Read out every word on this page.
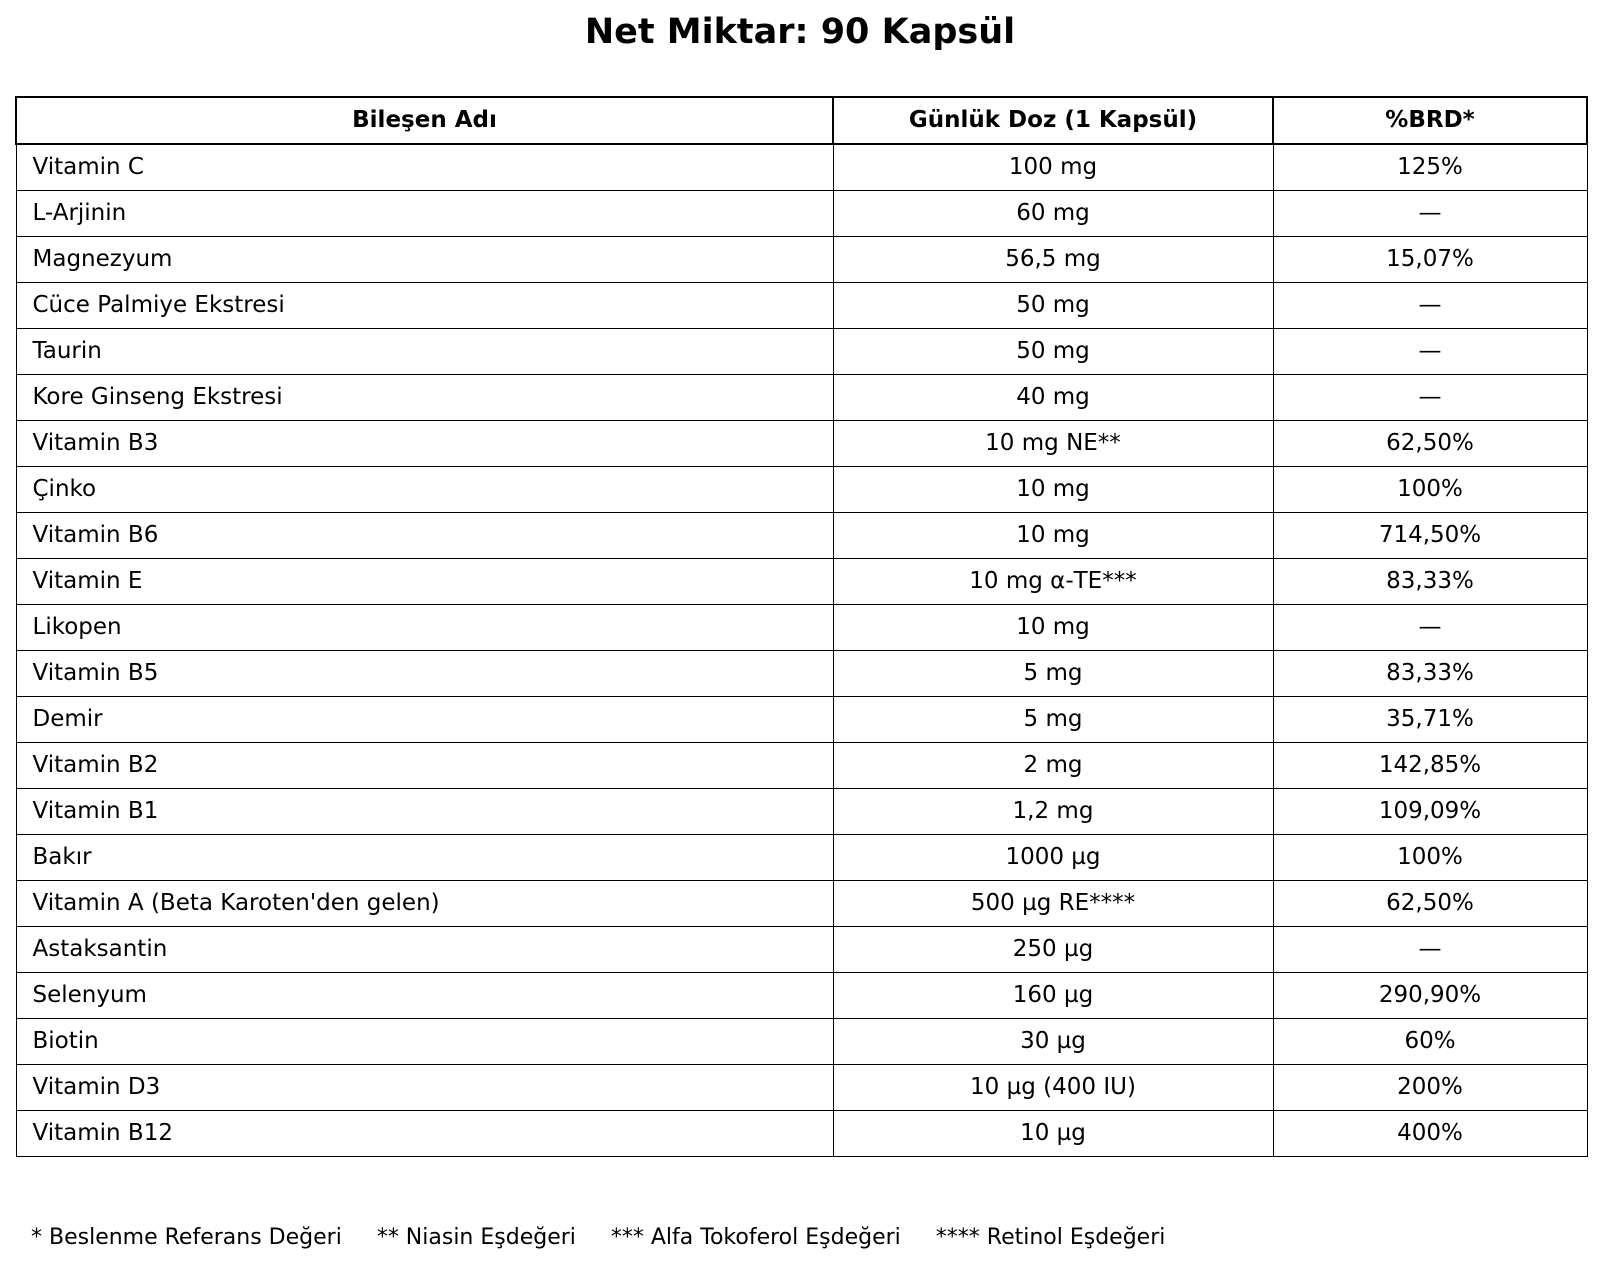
Net Miktar: 90 Kapsül
Bileşen Adı	Günlük Doz (1 Kapsül)	%BRD*
Vitamin C	100 mg	125%
L-Arjinin	60 mg	—
Magnezyum	56,5 mg	15,07%
Cüce Palmiye Ekstresi	50 mg	—
Taurin	50 mg	—
Kore Ginseng Ekstresi	40 mg	—
Vitamin B3	10 mg NE**	62,50%
Çinko	10 mg	100%
Vitamin B6	10 mg	714,50%
Vitamin E	10 mg α-TE***	83,33%
Likopen	10 mg	—
Vitamin B5	5 mg	83,33%
Demir	5 mg	35,71%
Vitamin B2	2 mg	142,85%
Vitamin B1	1,2 mg	109,09%
Bakır	1000 µg	100%
Vitamin A (Beta Karoten'den gelen)	500 µg RE****	62,50%
Astaksantin	250 µg	—
Selenyum	160 µg	290,90%
Biotin	30 µg	60%
Vitamin D3	10 µg (400 IU)	200%
Vitamin B12	10 µg	400%
* Beslenme Referans Değeri ** Niasin Eşdeğeri *** Alfa Tokoferol Eşdeğeri **** Retinol Eşdeğeri
